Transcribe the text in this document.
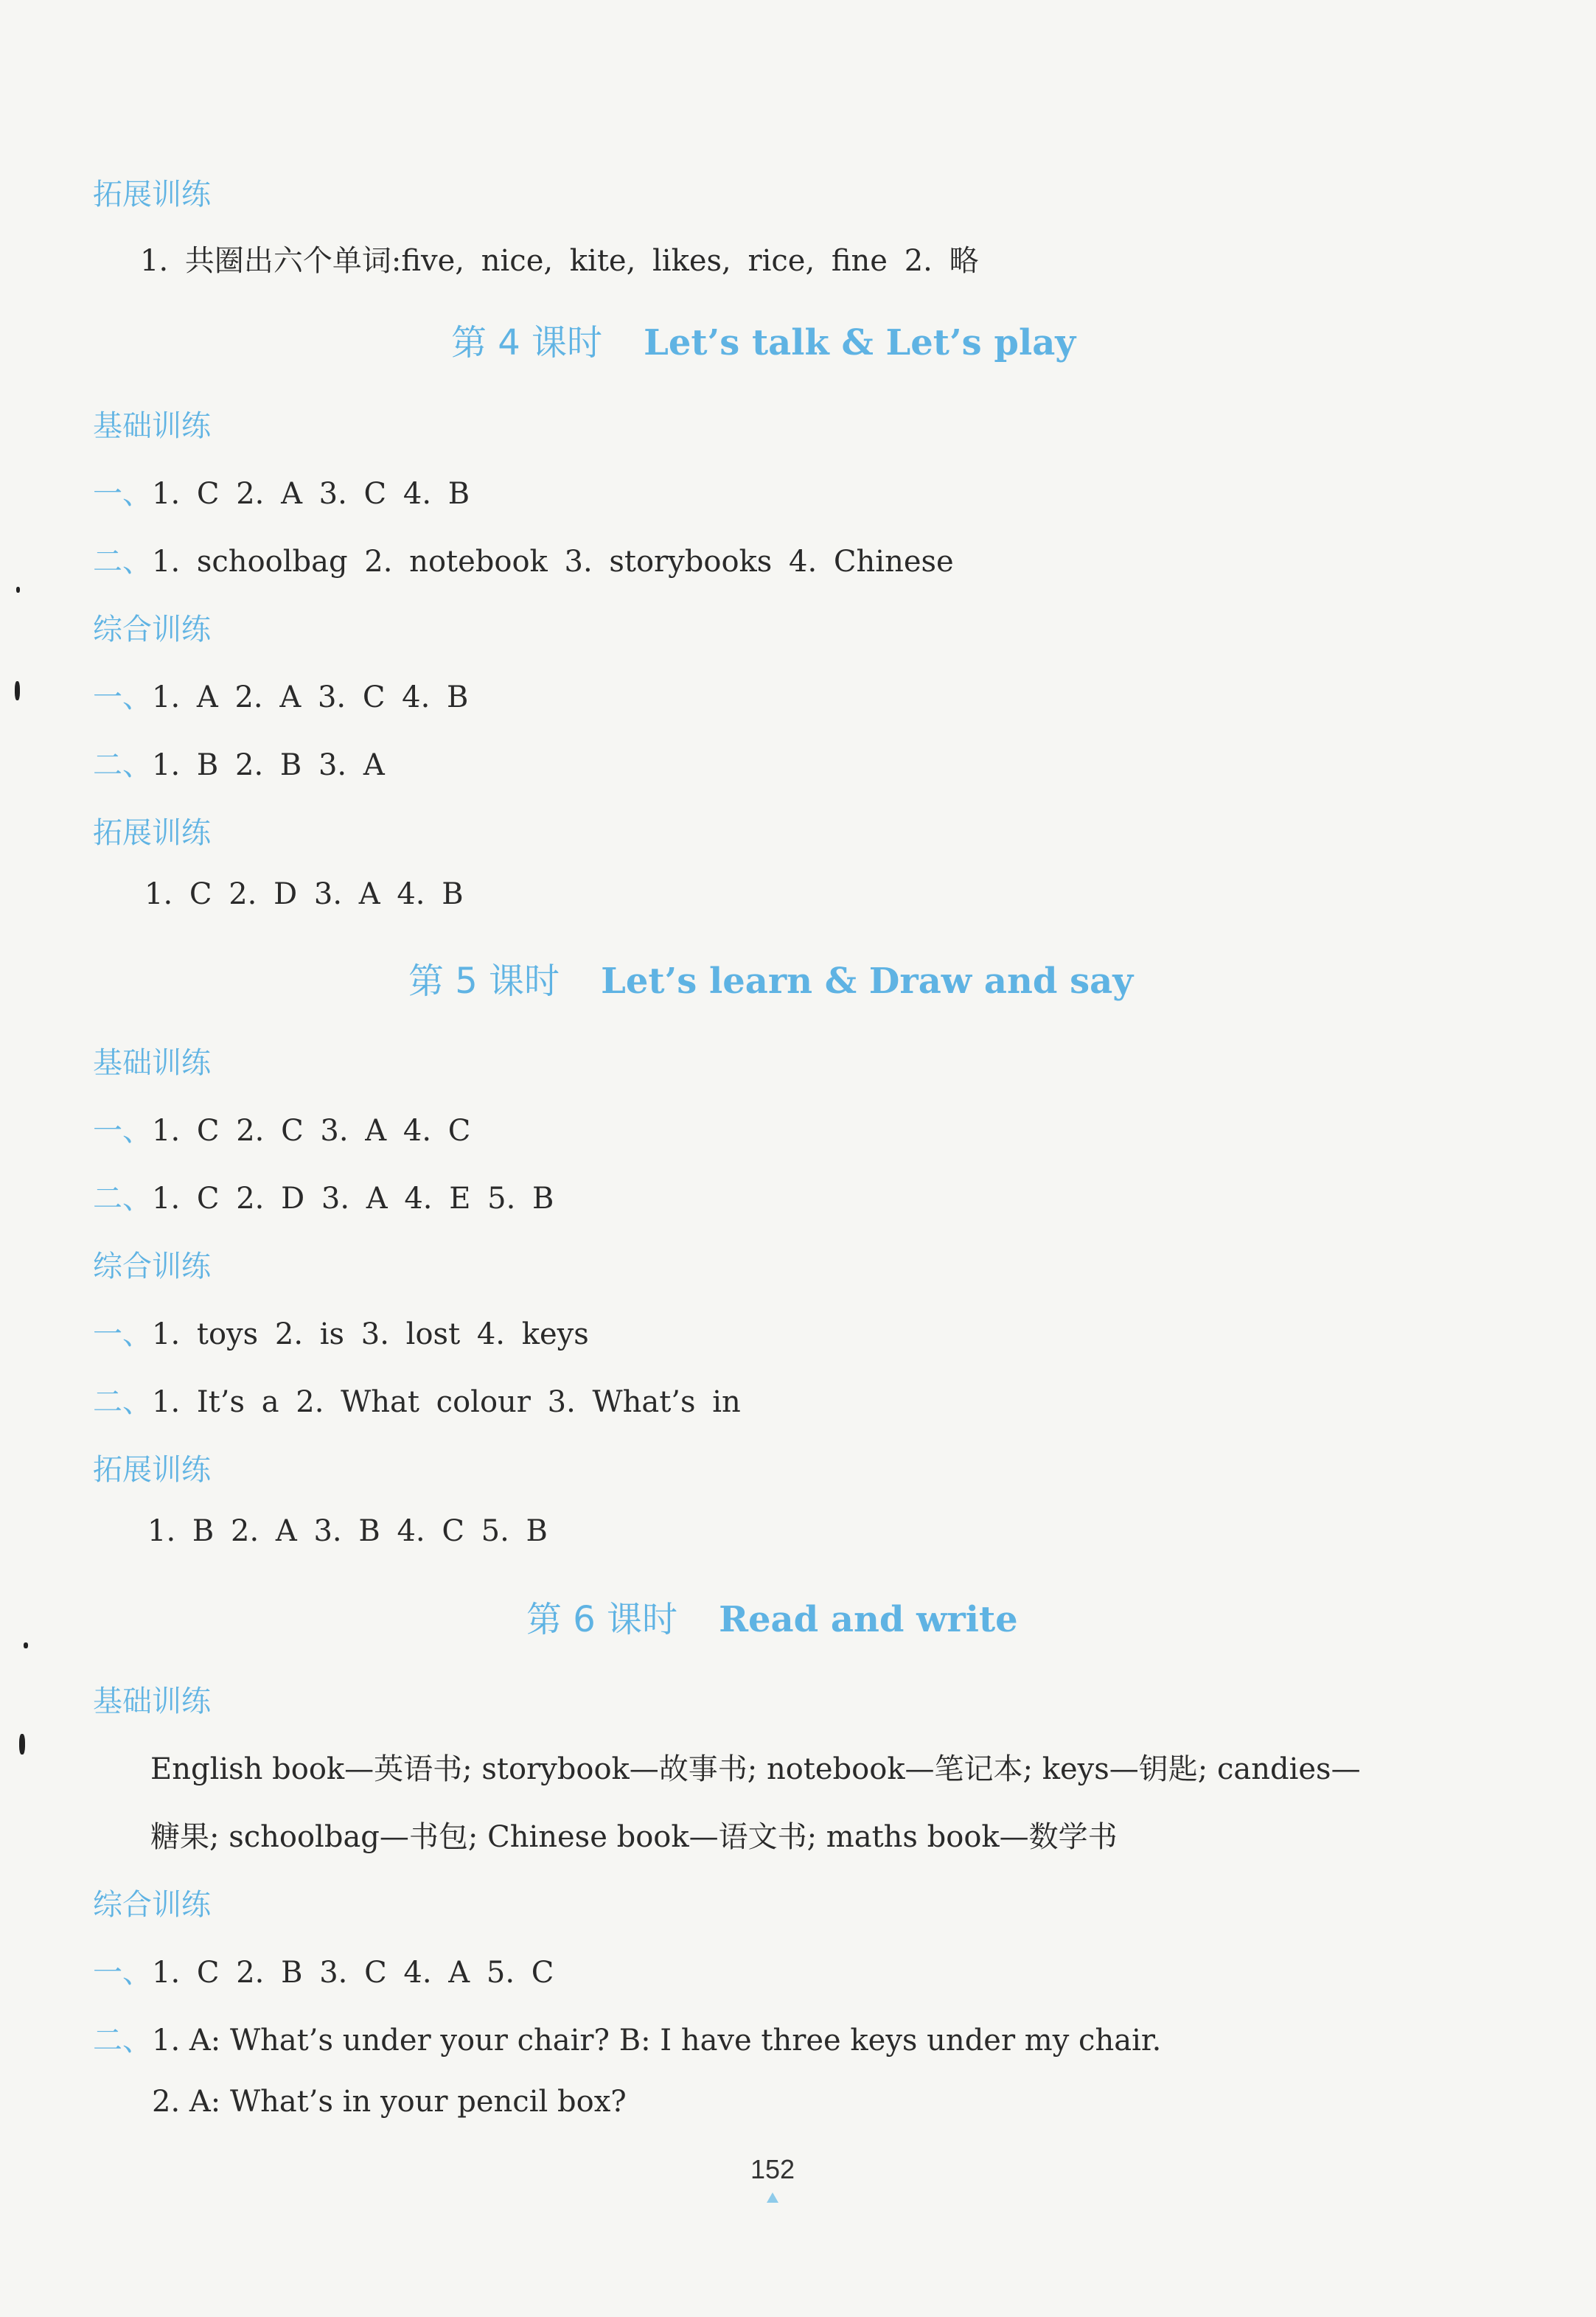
拓展训练
1. 共圈出六个单词:five, nice, kite, likes, rice, fine 2. 略
第 4 课时 Let’s talk & Let’s play
基础训练
一、1. C 2. A 3. C 4. B
二、1. schoolbag 2. notebook 3. storybooks 4. Chinese
综合训练
一、1. A 2. A 3. C 4. B
二、1. B 2. B 3. A
拓展训练
1. C 2. D 3. A 4. B
第 5 课时 Let’s learn & Draw and say
基础训练
一、1. C 2. C 3. A 4. C
二、1. C 2. D 3. A 4. E 5. B
综合训练
一、1. toys 2. is 3. lost 4. keys
二、1. It’s a 2. What colour 3. What’s in
拓展训练
1. B 2. A 3. B 4. C 5. B
第 6 课时 Read and write
基础训练
English book—英语书; storybook—故事书; notebook—笔记本; keys—钥匙; candies—
糖果; schoolbag—书包; Chinese book—语文书; maths book—数学书
综合训练
一、1. C 2. B 3. C 4. A 5. C
二、1. A: What’s under your chair? B: I have three keys under my chair.
2. A: What’s in your pencil box?
152
